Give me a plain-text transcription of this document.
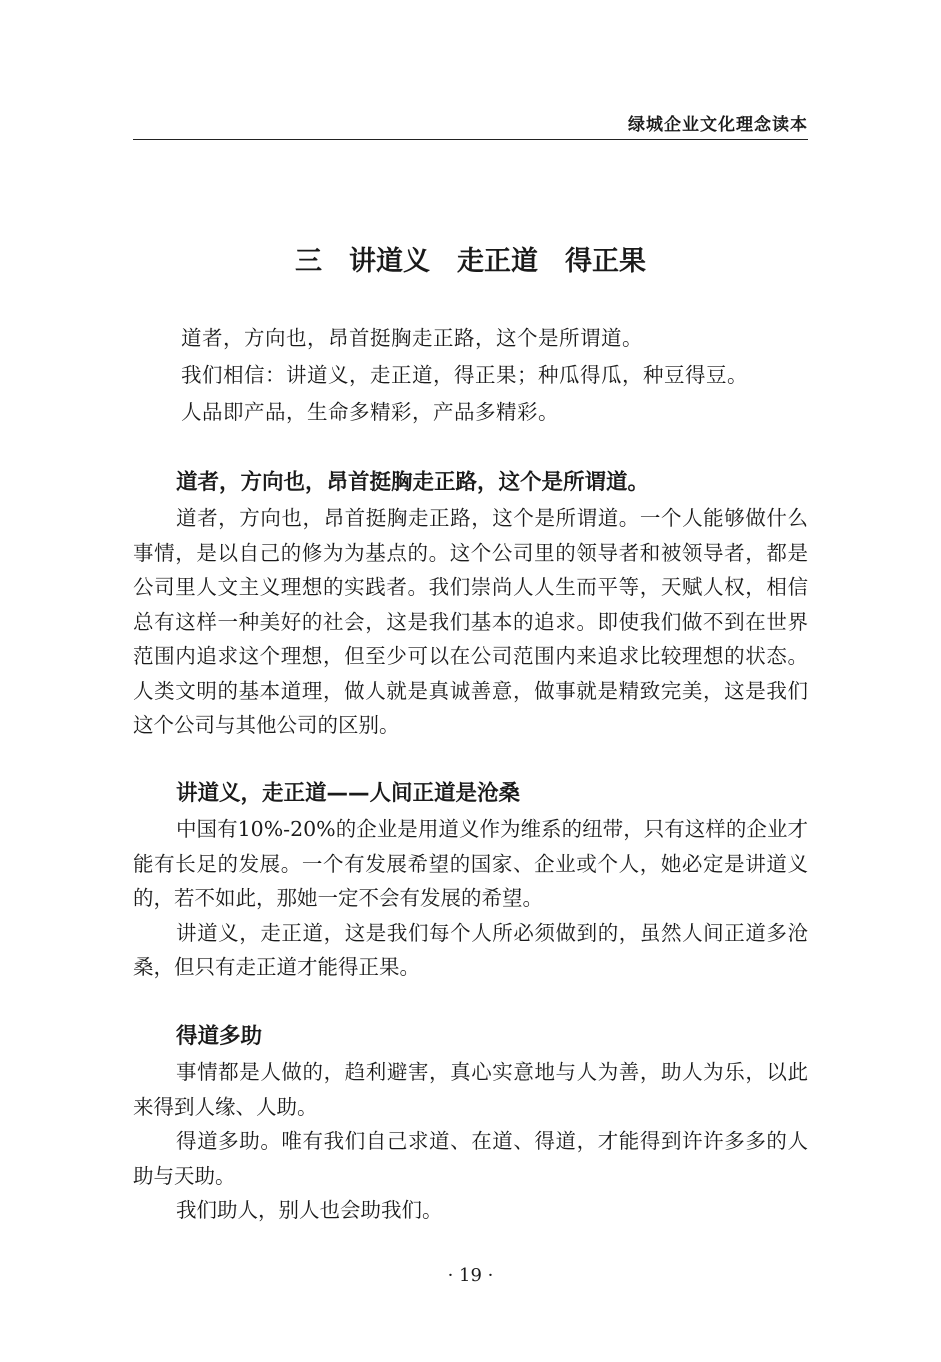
绿城企业文化理念读本
三　讲道义　走正道　得正果

道者，方向也，昂首挺胸走正路，这个是所谓道。

我们相信：讲道义，走正道，得正果；种瓜得瓜，种豆得豆。

人品即产品，生命多精彩，产品多精彩。

道者，方向也，昂首挺胸走正路，这个是所谓道。

道者，方向也，昂首挺胸走正路，这个是所谓道。一个人能够做什么事情，是以自己的修为为基点的。这个公司里的领导者和被领导者，都是公司里人文主义理想的实践者。我们崇尚人人生而平等，天赋人权，相信总有这样一种美好的社会，这是我们基本的追求。即使我们做不到在世界范围内追求这个理想，但至少可以在公司范围内来追求比较理想的状态。人类文明的基本道理，做人就是真诚善意，做事就是精致完美，这是我们这个公司与其他公司的区别。

讲道义，走正道——人间正道是沧桑

中国有10%-20%的企业是用道义作为维系的纽带，只有这样的企业才能有长足的发展。一个有发展希望的国家、企业或个人，她必定是讲道义的，若不如此，那她一定不会有发展的希望。

讲道义，走正道，这是我们每个人所必须做到的，虽然人间正道多沧桑，但只有走正道才能得正果。

得道多助

事情都是人做的，趋利避害，真心实意地与人为善，助人为乐，以此来得到人缘、人助。

得道多助。唯有我们自己求道、在道、得道，才能得到许许多多的人助与天助。

我们助人，别人也会助我们。

· 19 ·
